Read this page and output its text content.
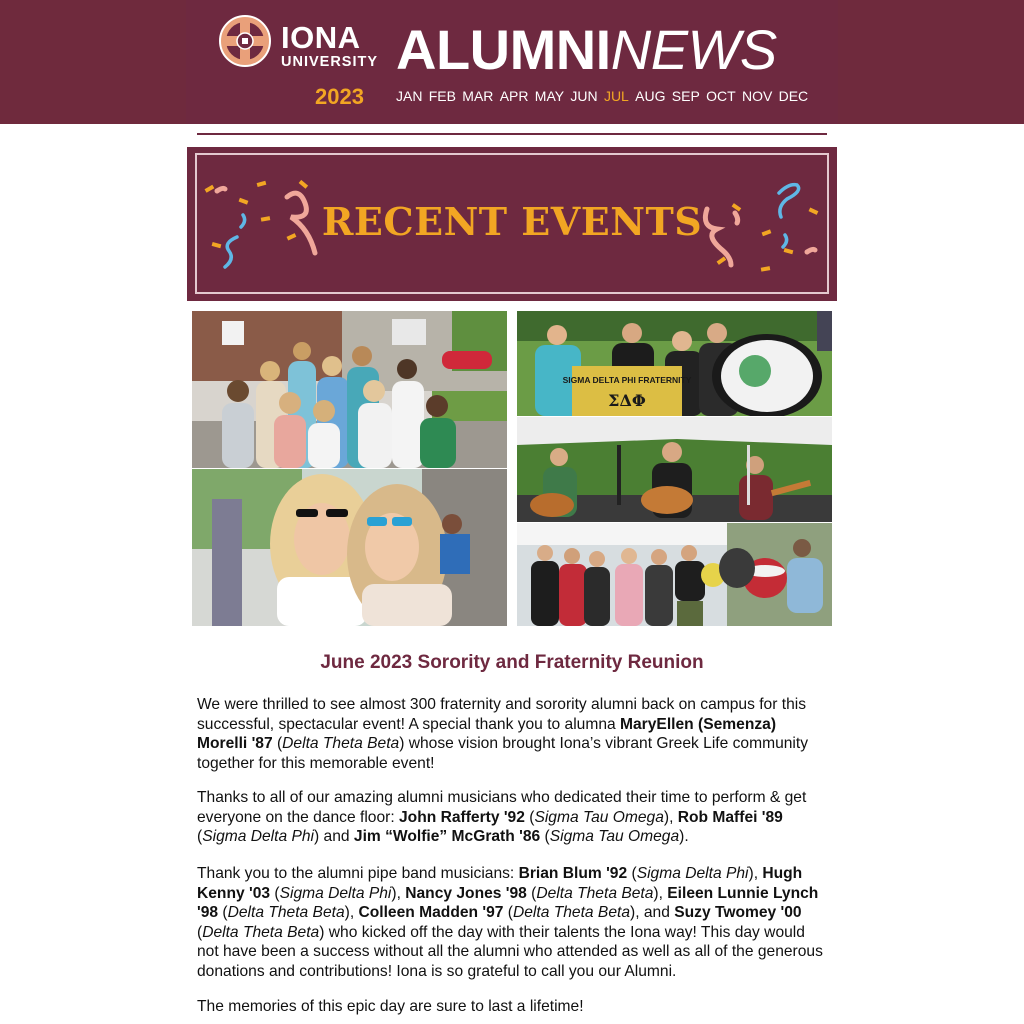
IONA
UNIVERSITY ALUMNINEWS
2023 JAN FEB MAR APR MAY JUN JUL AUG SEP OCT NOV DEC
RECENT EVENTS
SIGMA DELTA PHI FRATERNITY
ΣΔΦ
June 2023 Sorority and Fraternity Reunion
We were thrilled to see almost 300 fraternity and sorority alumni back on campus for this successful, spectacular event! A special thank you to alumna MaryEllen (Semenza) Morelli '87 (Delta Theta Beta) whose vision brought Iona’s vibrant Greek Life community together for this memorable event!
Thanks to all of our amazing alumni musicians who dedicated their time to perform & get everyone on the dance floor: John Rafferty '92 (Sigma Tau Omega), Rob Maffei '89 (Sigma Delta Phi) and Jim “Wolfie” McGrath '86 (Sigma Tau Omega).
Thank you to the alumni pipe band musicians: Brian Blum '92 (Sigma Delta Phi), Hugh Kenny '03 (Sigma Delta Phi), Nancy Jones '98 (Delta Theta Beta), Eileen Lunnie Lynch '98 (Delta Theta Beta), Colleen Madden '97 (Delta Theta Beta), and Suzy Twomey '00 (Delta Theta Beta) who kicked off the day with their talents the Iona way! This day would not have been a success without all the alumni who attended as well as all of the generous donations and contributions! Iona is so grateful to call you our Alumni.
The memories of this epic day are sure to last a lifetime!
